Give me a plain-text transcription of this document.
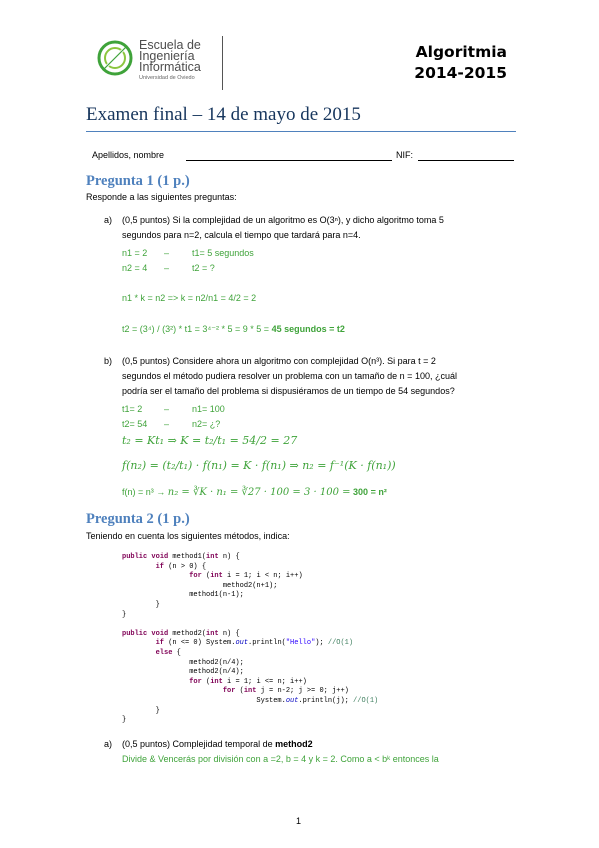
Escuela de
Ingeniería
Informática
Universidad de Oviedo
Algoritmia
2014-2015
Examen final – 14 de mayo de 2015
Apellidos, nombre	NIF:
Pregunta 1 (1 p.)
Responde a las siguientes preguntas:
a) (0,5 puntos) Si la complejidad de un algoritmo es O(3ⁿ), y dicho algoritmo toma 5
segundos para n=2, calcula el tiempo que tardará para n=4.
n1 = 2 –	t1= 5 segundos
n2 = 4 –	t2 = ?
n1 * k = n2 => k = n2/n1 = 4/2 = 2
t2 = (3⁴) / (3²) * t1 = 3⁴⁻² * 5 = 9 * 5 = 45 segundos = t2
b) (0,5 puntos) Considere ahora un algoritmo con complejidad O(n³). Si para t = 2
segundos el método pudiera resolver un problema con un tamaño de n = 100, ¿cuál
podría ser el tamaño del problema si dispusiéramos de un tiempo de 54 segundos?
t1= 2 –	n1= 100
t2= 54 –	n2= ¿?
t₂ = Kt₁ ⇒ K = t₂/t₁ = 54/2 = 27
f(n₂) = (t₂/t₁) · f(n₁) = K · f(n₁) ⇒ n₂ = f⁻¹(K · f(n₁))
f(n) = n³ → n₂ = ∛K · n₁ = ∛27 · 100 = 3 · 100 = 300 = n²
Pregunta 2 (1 p.)
Teniendo en cuenta los siguientes métodos, indica:
public void method1(int n) {
if (n > 0) {
for (int i = 1; i < n; i++)
method2(n+1);
method1(n-1);
}
}

public void method2(int n) {
if (n <= 0) System.out.println("Hello"); //O(1)
else {
method2(n/4);
method2(n/4);
for (int i = 1; i <= n; i++)
for (int j = n-2; j >= 0; j++)
System.out.println(j); //O(1)
}
}
a) (0,5 puntos) Complejidad temporal de method2
Divide & Vencerás por división con a =2, b = 4 y k = 2. Como a < bᵏ entonces la
1
